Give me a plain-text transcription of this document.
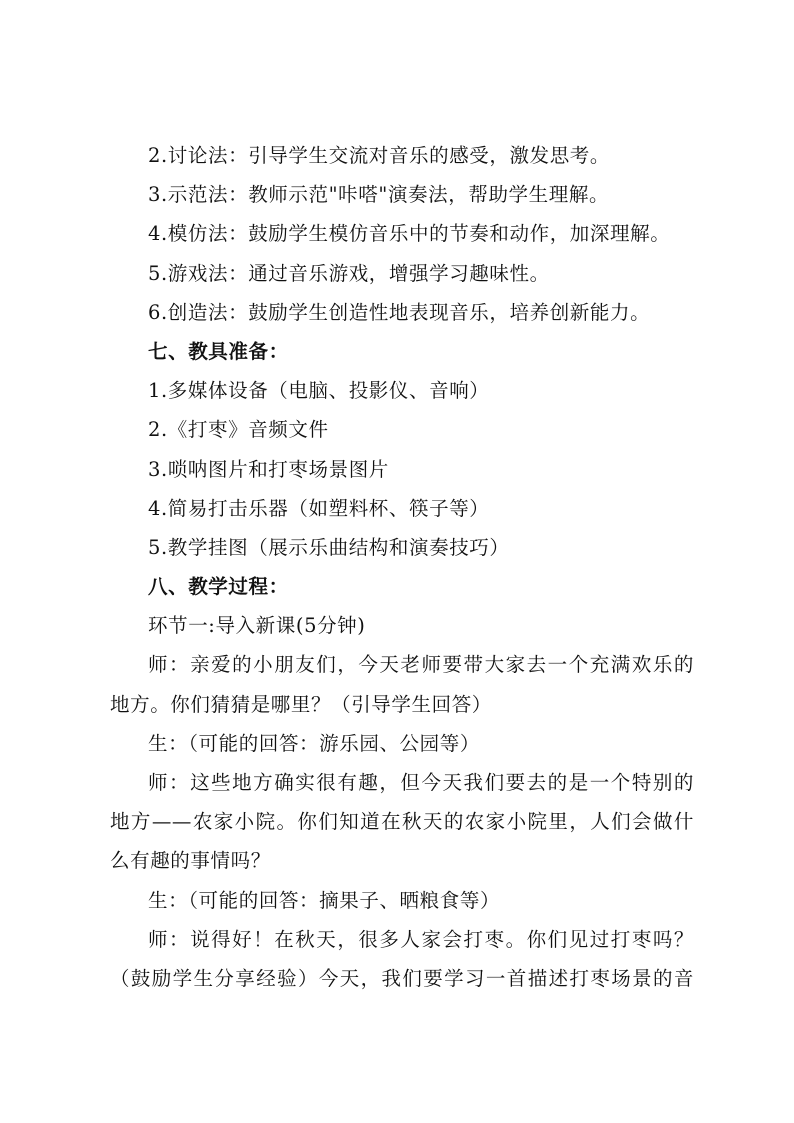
2.讨论法：引导学生交流对音乐的感受，激发思考。
3.示范法：教师示范"咔嗒"演奏法，帮助学生理解。
4.模仿法：鼓励学生模仿音乐中的节奏和动作，加深理解。
5.游戏法：通过音乐游戏，增强学习趣味性。
6.创造法：鼓励学生创造性地表现音乐，培养创新能力。
七、教具准备：
1.多媒体设备（电脑、投影仪、音响）
2.《打枣》音频文件
3.唢呐图片和打枣场景图片
4.简易打击乐器（如塑料杯、筷子等）
5.教学挂图（展示乐曲结构和演奏技巧）
八、教学过程：
环节一:导入新课(5分钟)
师：亲爱的小朋友们，今天老师要带大家去一个充满欢乐的
地方。你们猜猜是哪里？（引导学生回答）
生：（可能的回答：游乐园、公园等）
师：这些地方确实很有趣，但今天我们要去的是一个特别的
地方——农家小院。你们知道在秋天的农家小院里，人们会做什
么有趣的事情吗？
生：（可能的回答：摘果子、晒粮食等）
师：说得好！在秋天，很多人家会打枣。你们见过打枣吗？
（鼓励学生分享经验）今天，我们要学习一首描述打枣场景的音
